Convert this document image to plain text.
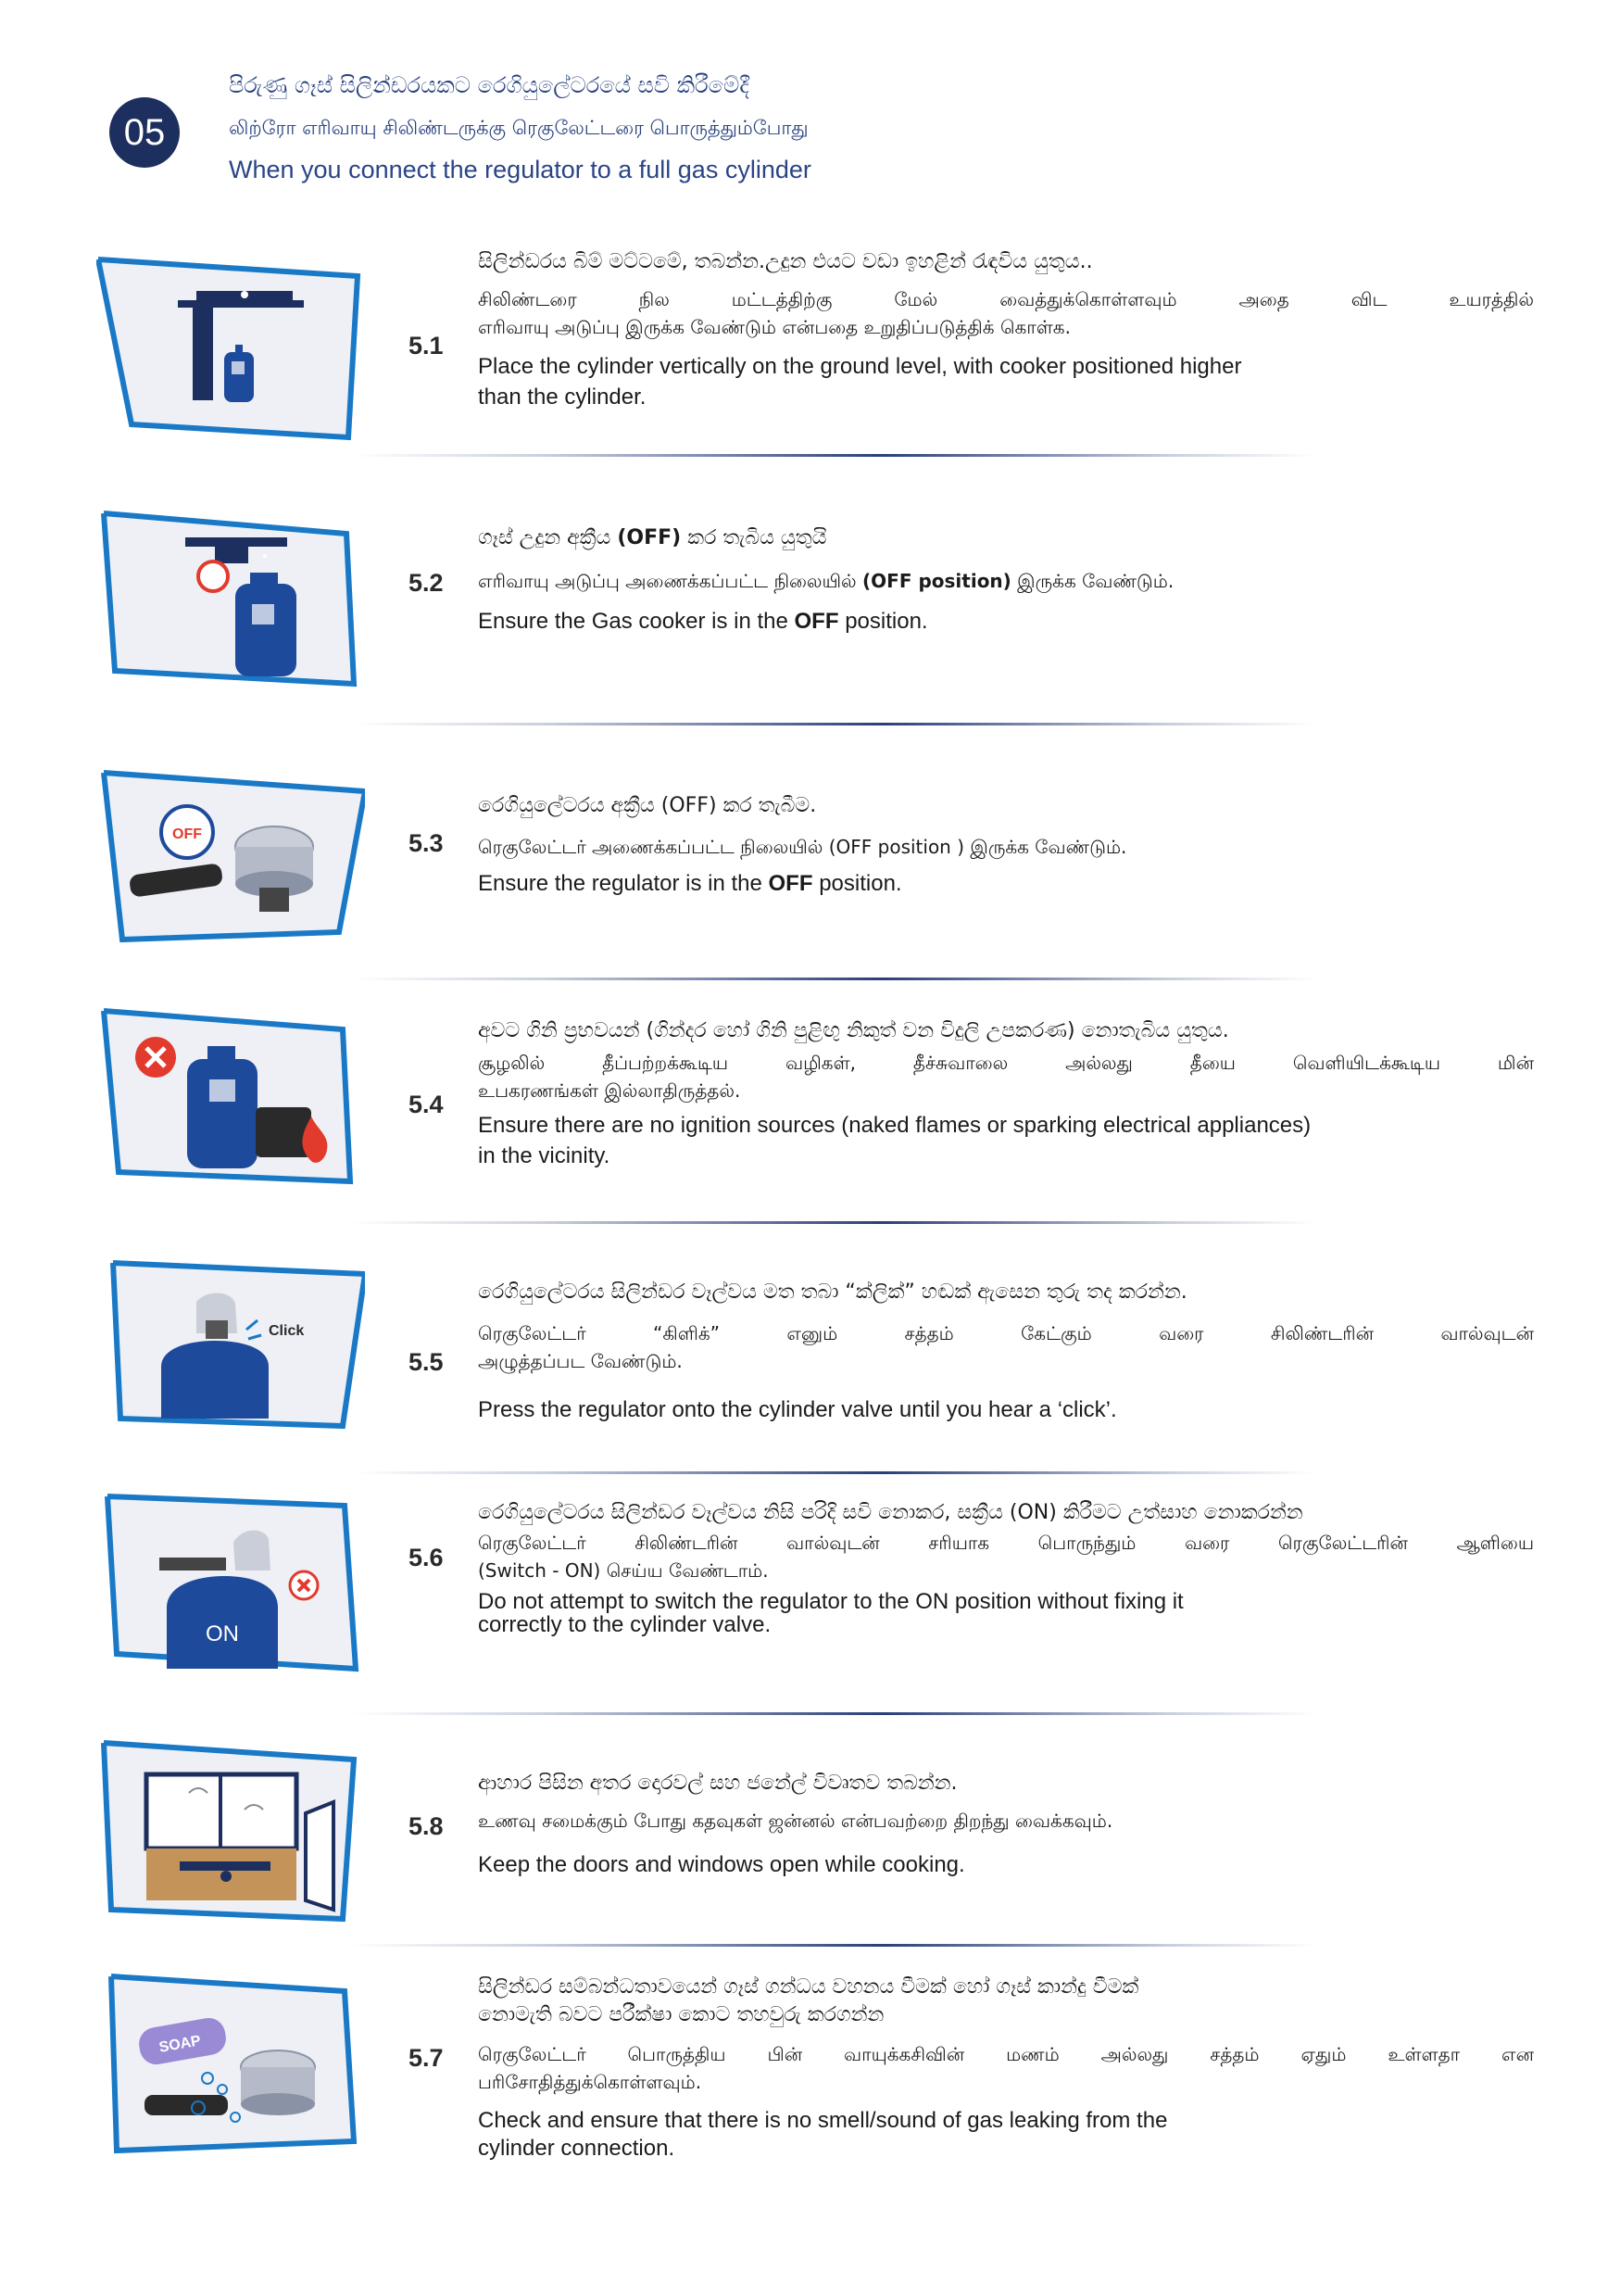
05
පිරුණු ගෑස් සිලින්ඩරයකට රෙගියුලේටරයේ සවි කිරීමේදී
லிற்ரோ எரிவாயு சிலிண்டருக்கு ரெகுலேட்டரை பொருத்தும்போது
When you connect the regulator to a full gas cylinder
5.1
සිලින්ඩරය බිම් මට්ටමේ, තබන්න.උදුන එයට වඩා ඉහළින් රැඳවිය යුතුය..
சிலிண்டரை நில மட்டத்திற்கு மேல் வைத்துக்கொள்ளவும் அதை விட உயரத்தில்
எரிவாயு அடுப்பு இருக்க வேண்டும் என்பதை உறுதிப்படுத்திக் கொள்க.
Place the cylinder vertically on the ground level, with cooker positioned higher
than the cylinder.
5.2
ගෑස් උදුන අක්‍රීය (OFF) කර තැබිය යුතුයි
எரிவாயு அடுப்பு அணைக்கப்பட்ட நிலையில் (OFF position) இருக்க வேண்டும்.
Ensure the Gas cooker is in the OFF position.
OFF	5.3
රෙගියුලේටරය අක්‍රීය (OFF) කර තැබීම.
ரெகுலேட்டர் அணைக்கப்பட்ட நிலையில் (OFF position ) இருக்க வேண்டும்.
Ensure the regulator is in the OFF position.
5.4
අවට ගිනි ප්‍රභවයන් (ගින්දර හෝ ගිනි පුළිඟු නිකුත් වන විදුලි උපකරණ) නොතැබිය යුතුය.
சூழலில் தீப்பற்றக்கூடிய வழிகள், தீச்சுவாலை அல்லது தீயை வெளியிடக்கூடிய மின்
உபகரணங்கள் இல்லாதிருத்தல்.
Ensure there are no ignition sources (naked flames or sparking electrical appliances)
in the vicinity.
Click
5.5
රෙගියුලේටරය සිලින්ඩර වෑල්වය මත තබා “ක්ලික්” හඬක් ඇසෙන තුරු තද කරන්න.
ரெகுலேட்டர் “கிளிக்” எனும் சத்தம் கேட்கும் வரை சிலிண்டரின் வால்வுடன்
அழுத்தப்பட வேண்டும்.
Press the regulator onto the cylinder valve until you hear a ‘click’.
ON
5.6
රෙගියුලේටරය සිලින්ඩර වෑල්වය නිසි පරිදි සවි නොකර, සක්‍රීය (ON) කිරීමට උත්සාහ නොකරන්න
ரெகுலேட்டர் சிலிண்டரின் வால்வுடன் சரியாக பொருந்தும் வரை ரெகுலேட்டரின் ஆளியை
(Switch - ON) செய்ய வேண்டாம்.
Do not attempt to switch the regulator to the ON position without fixing it
correctly to the cylinder valve.
5.8
ආහාර පිසින අතර දොරවල් සහ ජනේල් විවෘතව තබන්න.
உணவு சமைக்கும் போது கதவுகள் ஜன்னல் என்பவற்றை திறந்து வைக்கவும்.
Keep the doors and windows open while cooking.
SOAP	5.7
සිලින්ඩර සම්බන්ධතාවයෙන් ගෑස් ගන්ධය වහනය වීමක් හෝ ගෑස් කාන්දු වීමක්
නොමැති බවට පරීක්ෂා කොට තහවුරු කරගන්න
ரெகுலேட்டர் பொருத்திய பின் வாயுக்கசிவின் மணம் அல்லது சத்தம் ஏதும் உள்ளதா என
பரிசோதித்துக்கொள்ளவும்.
Check and ensure that there is no smell/sound of gas leaking from the
cylinder connection.
